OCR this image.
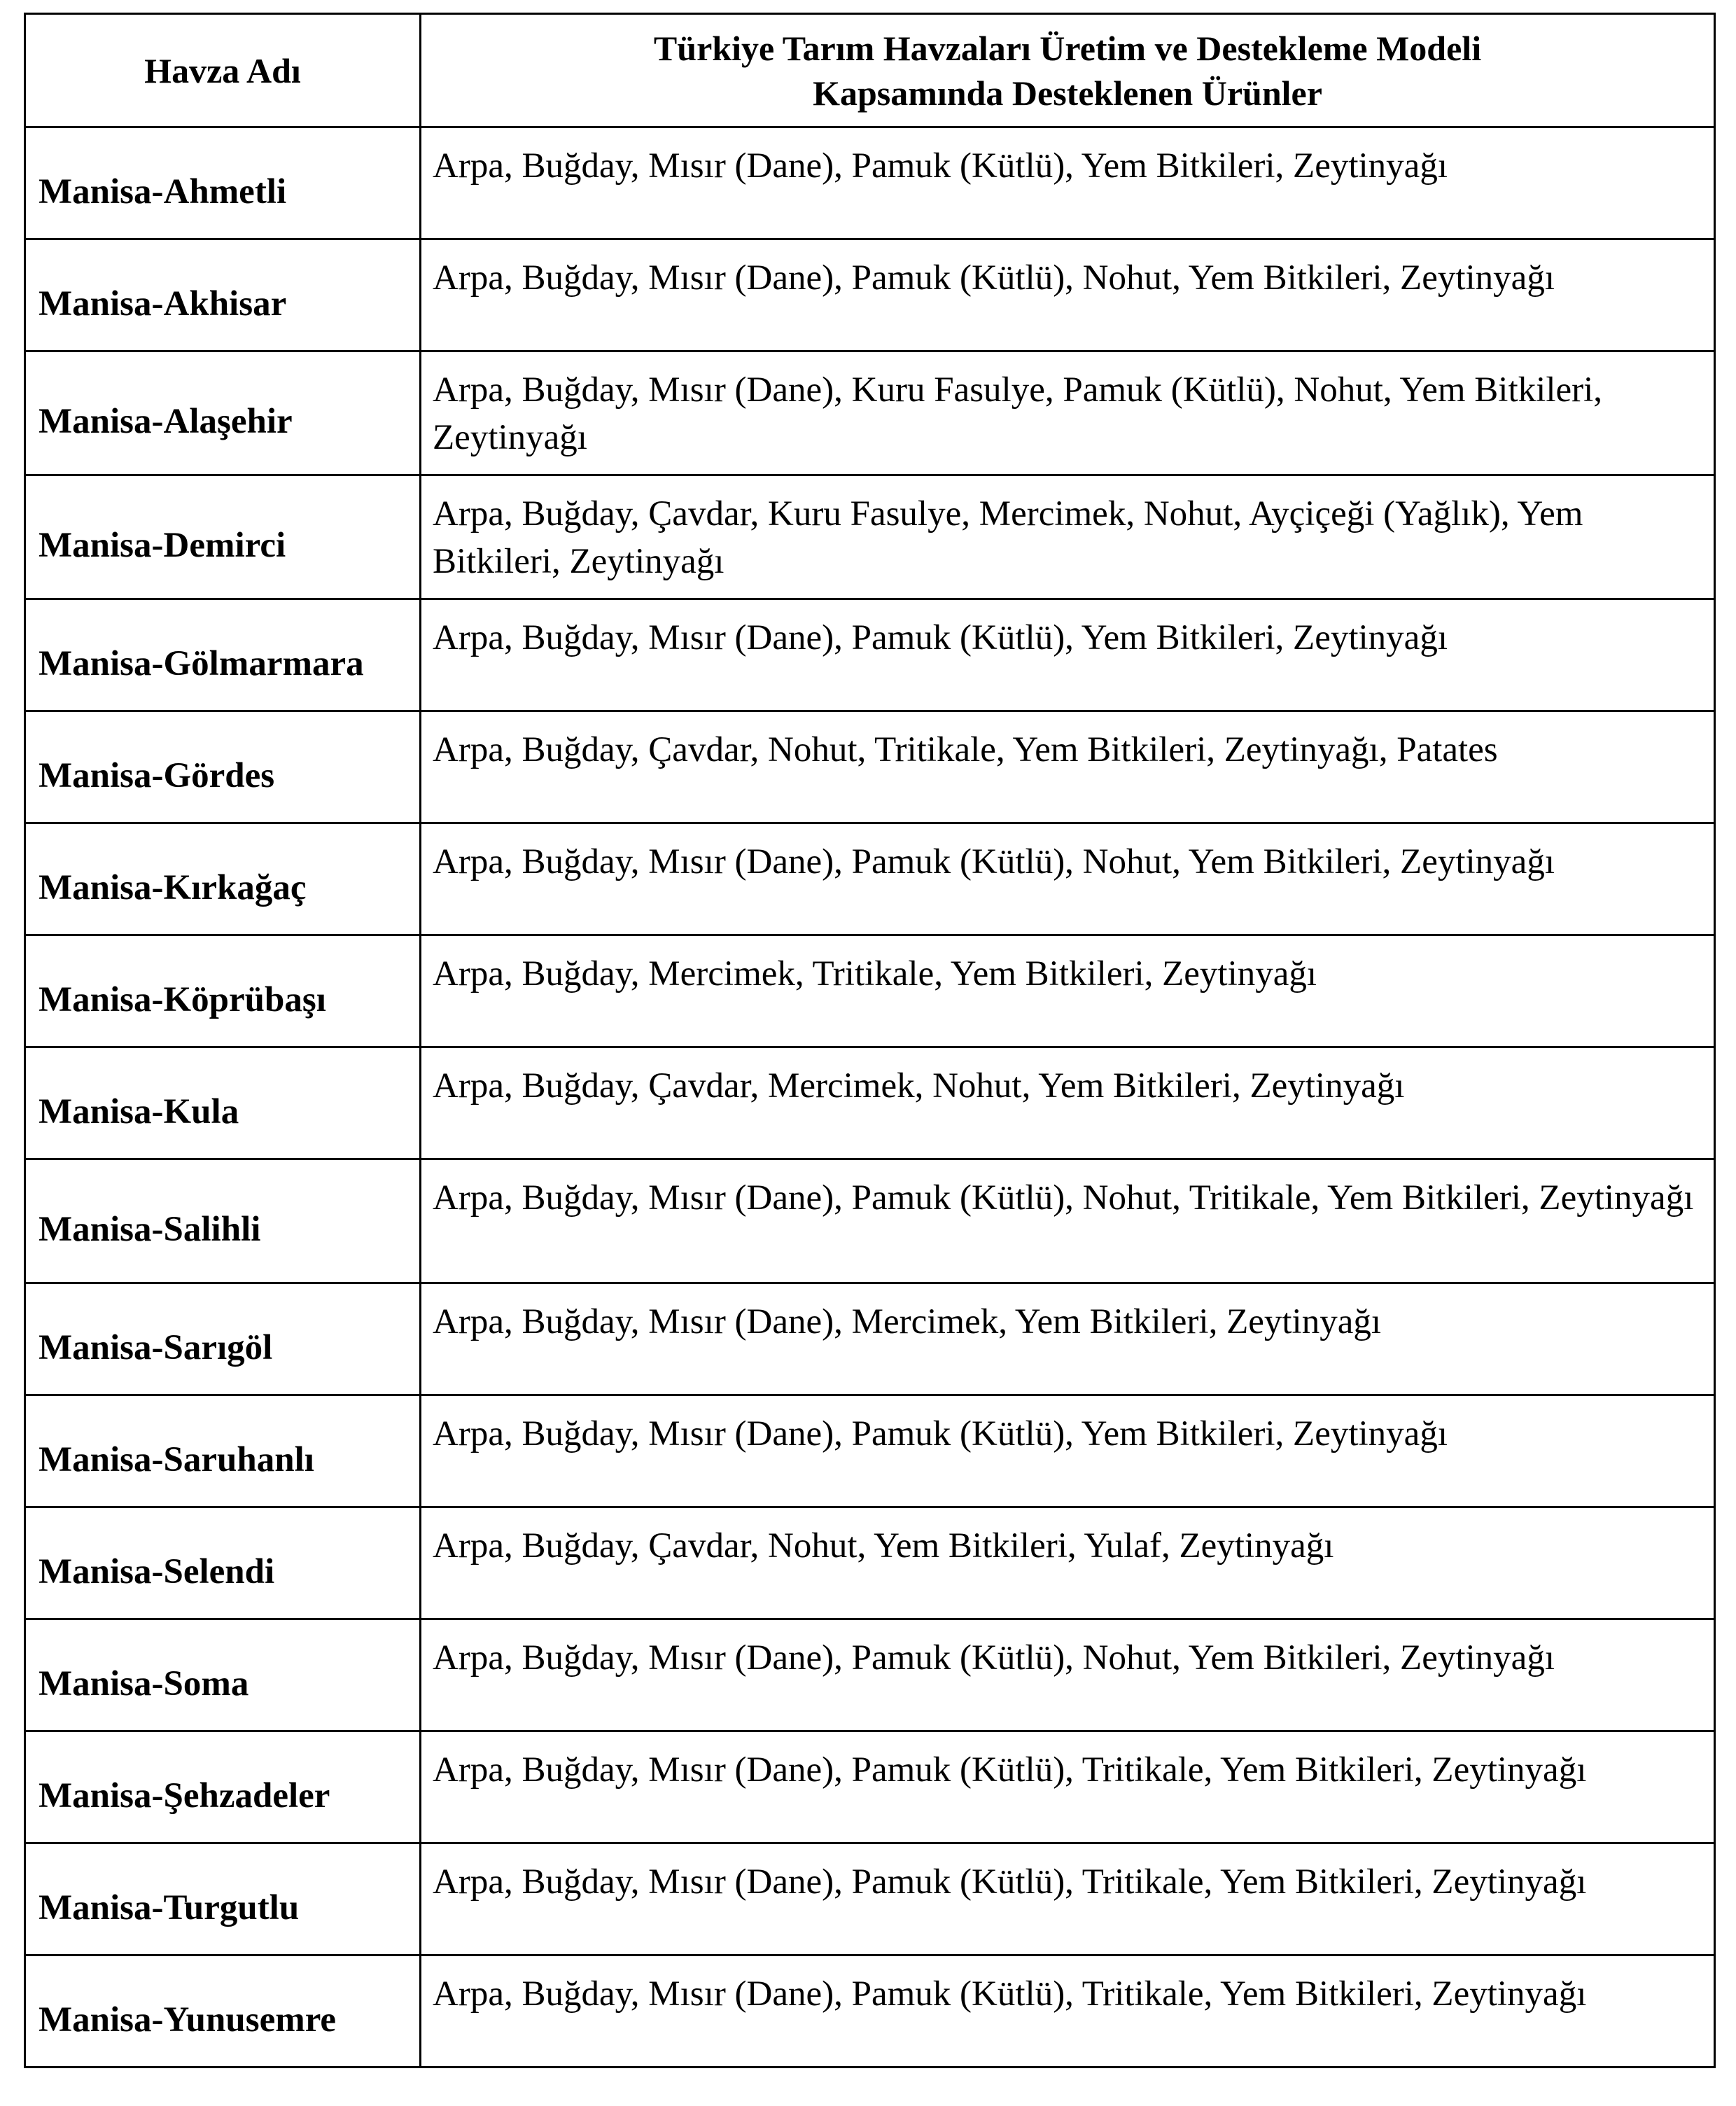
Havza Adı	Türkiye Tarım Havzaları Üretim ve Destekleme Modeli
Kapsamında Desteklenen Ürünler

Manisa-Ahmetli	Arpa, Buğday, Mısır (Dane), Pamuk (Kütlü), Yem Bitkileri, Zeytinyağı
Manisa-Akhisar	Arpa, Buğday, Mısır (Dane), Pamuk (Kütlü), Nohut, Yem Bitkileri, Zeytinyağı
Manisa-Alaşehir	Arpa, Buğday, Mısır (Dane), Kuru Fasulye, Pamuk (Kütlü), Nohut, Yem Bitkileri, Zeytinyağı
Manisa-Demirci	Arpa, Buğday, Çavdar, Kuru Fasulye, Mercimek, Nohut, Ayçiçeği (Yağlık), Yem Bitkileri, Zeytinyağı
Manisa-Gölmarmara	Arpa, Buğday, Mısır (Dane), Pamuk (Kütlü), Yem Bitkileri, Zeytinyağı
Manisa-Gördes	Arpa, Buğday, Çavdar, Nohut, Tritikale, Yem Bitkileri, Zeytinyağı, Patates
Manisa-Kırkağaç	Arpa, Buğday, Mısır (Dane), Pamuk (Kütlü), Nohut, Yem Bitkileri, Zeytinyağı
Manisa-Köprübaşı	Arpa, Buğday, Mercimek, Tritikale, Yem Bitkileri, Zeytinyağı
Manisa-Kula	Arpa, Buğday, Çavdar, Mercimek, Nohut, Yem Bitkileri, Zeytinyağı
Manisa-Salihli	Arpa, Buğday, Mısır (Dane), Pamuk (Kütlü), Nohut, Tritikale, Yem Bitkileri, Zeytinyağı
Manisa-Sarıgöl	Arpa, Buğday, Mısır (Dane), Mercimek, Yem Bitkileri, Zeytinyağı
Manisa-Saruhanlı	Arpa, Buğday, Mısır (Dane), Pamuk (Kütlü), Yem Bitkileri, Zeytinyağı
Manisa-Selendi	Arpa, Buğday, Çavdar, Nohut, Yem Bitkileri, Yulaf, Zeytinyağı
Manisa-Soma	Arpa, Buğday, Mısır (Dane), Pamuk (Kütlü), Nohut, Yem Bitkileri, Zeytinyağı
Manisa-Şehzadeler	Arpa, Buğday, Mısır (Dane), Pamuk (Kütlü), Tritikale, Yem Bitkileri, Zeytinyağı
Manisa-Turgutlu	Arpa, Buğday, Mısır (Dane), Pamuk (Kütlü), Tritikale, Yem Bitkileri, Zeytinyağı
Manisa-Yunusemre	Arpa, Buğday, Mısır (Dane), Pamuk (Kütlü), Tritikale, Yem Bitkileri, Zeytinyağı
